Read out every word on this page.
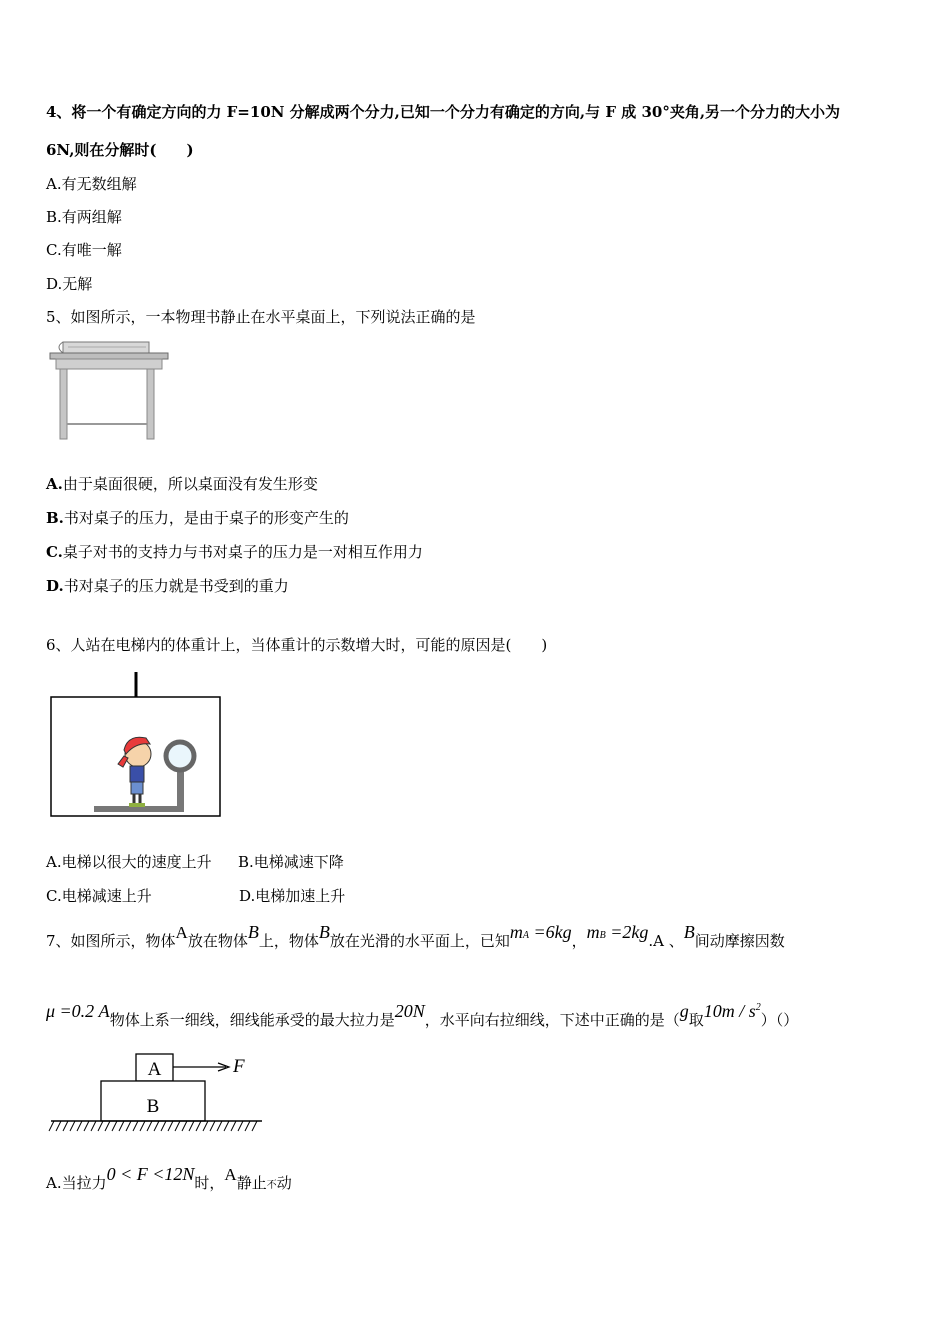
4、将一个有确定方向的力 F=10N 分解成两个分力,已知一个分力有确定的方向,与 F 成 30°夹角,另一个分力的大小为
6N,则在分解时(　　)
A.有无数组解
B.有两组解
C.有唯一解
D.无解
5、如图所示，一本物理书静止在水平桌面上，下列说法正确的是
A.由于桌面很硬，所以桌面没有发生形变
B.书对桌子的压力，是由于桌子的形变产生的
C.桌子对书的支持力与书对桌子的压力是一对相互作用力
D.书对桌子的压力就是书受到的重力
6、人站在电梯内的体重计上，当体重计的示数增大时，可能的原因是(　　)
A.电梯以很大的速度上升 B.电梯减速下降
C.电梯减速上升	D.电梯加速上升
7、如图所示，物体A放在物体B上，物体B放在光滑的水平面上，已知mA =6kg，mB =2kg.A 、B间动摩擦因数
μ =0.2 A物体上系一细线，细线能承受的最大拉力是20N，水平向右拉细线，下述中正确的是（g取$10m / s^2)()$
A	F
B
A.当拉力0 < F <12N时，A静止不动
